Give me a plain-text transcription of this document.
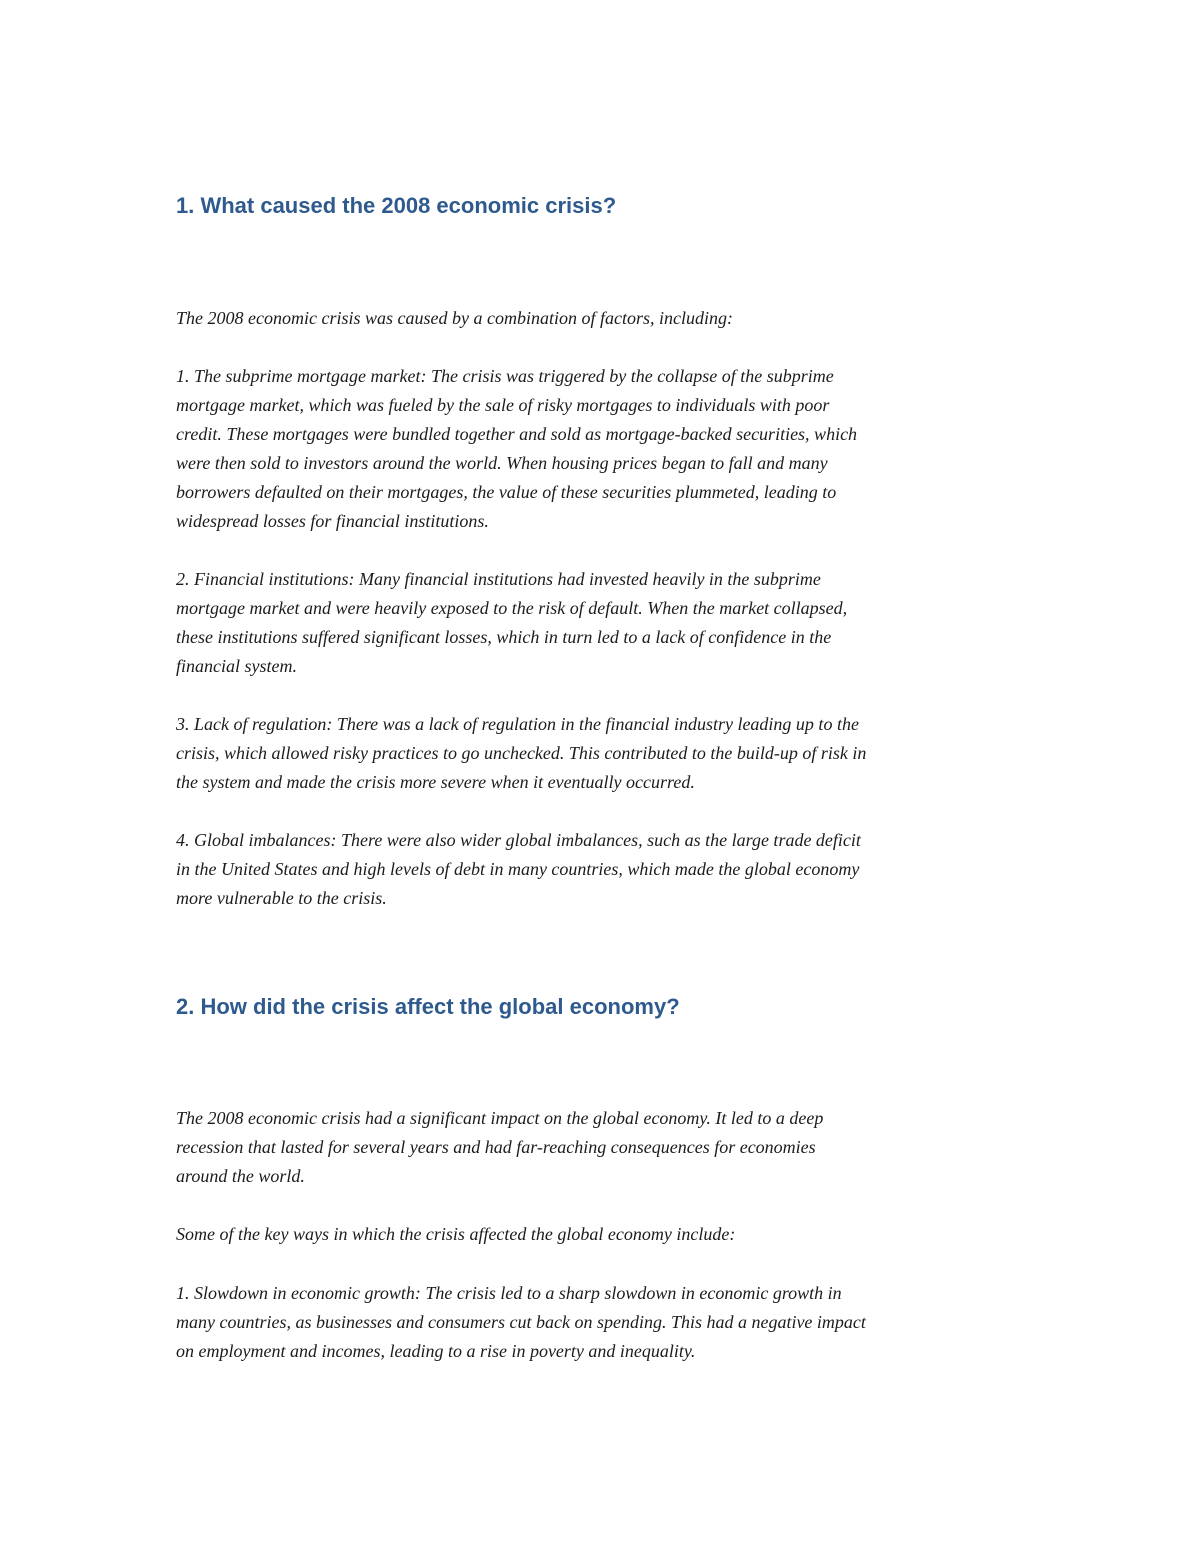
1. What caused the 2008 economic crisis?
The 2008 economic crisis was caused by a combination of factors, including:
1. The subprime mortgage market: The crisis was triggered by the collapse of the subprime
mortgage market, which was fueled by the sale of risky mortgages to individuals with poor
credit. These mortgages were bundled together and sold as mortgage-backed securities, which
were then sold to investors around the world. When housing prices began to fall and many
borrowers defaulted on their mortgages, the value of these securities plummeted, leading to
widespread losses for financial institutions.
2. Financial institutions: Many financial institutions had invested heavily in the subprime
mortgage market and were heavily exposed to the risk of default. When the market collapsed,
these institutions suffered significant losses, which in turn led to a lack of confidence in the
financial system.
3. Lack of regulation: There was a lack of regulation in the financial industry leading up to the
crisis, which allowed risky practices to go unchecked. This contributed to the build-up of risk in
the system and made the crisis more severe when it eventually occurred.
4. Global imbalances: There were also wider global imbalances, such as the large trade deficit
in the United States and high levels of debt in many countries, which made the global economy
more vulnerable to the crisis.
2. How did the crisis affect the global economy?
The 2008 economic crisis had a significant impact on the global economy. It led to a deep
recession that lasted for several years and had far-reaching consequences for economies
around the world.
Some of the key ways in which the crisis affected the global economy include:
1. Slowdown in economic growth: The crisis led to a sharp slowdown in economic growth in
many countries, as businesses and consumers cut back on spending. This had a negative impact
on employment and incomes, leading to a rise in poverty and inequality.
